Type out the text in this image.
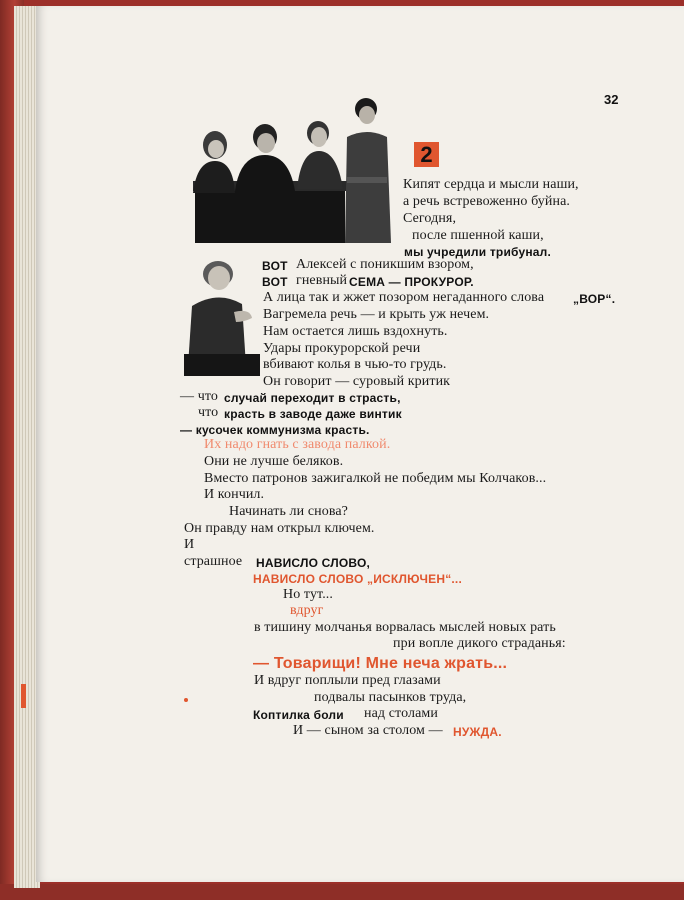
32
2
Кипят сердца и мысли наши,
а речь встревоженно буйна.
Сегодня,
после пшенной каши,
мы учредили трибунал.
ВОТ Алексей с поникшим взором,
ВОТ гневный СЕМА — ПРОКУРОР.
А лица так и жжет позором негаданного слова „ВОР“.
Вагремела речь — и крыть уж нечем.
Нам остается лишь вздохнуть.
Удары прокурорской речи
вбивают колья в чью-то грудь.
Он говорит — суровый критик
— что случай переходит в страсть,
что красть в заводе даже винтик
— кусочек коммунизма красть.
Их надо гнать с завода палкой.
Они не лучше беляков.
Вместо патронов зажигалкой не победим мы Колчаков...
И кончил.
Начинать ли снова?
Он правду нам открыл ключем.
И
страшное НАВИСЛО СЛОВО,
НАВИСЛО СЛОВО „ИСКЛЮЧЕН“...
Но тут...
вдруг
в тишину молчанья ворвалась мыслей новых рать
при вопле дикого страданья:
— Товарищи! Мне неча жрать...
И вдруг поплыли пред глазами
подвалы пасынков труда,
Коптилка боли над столами
И — сыном за столом — НУЖДА.
